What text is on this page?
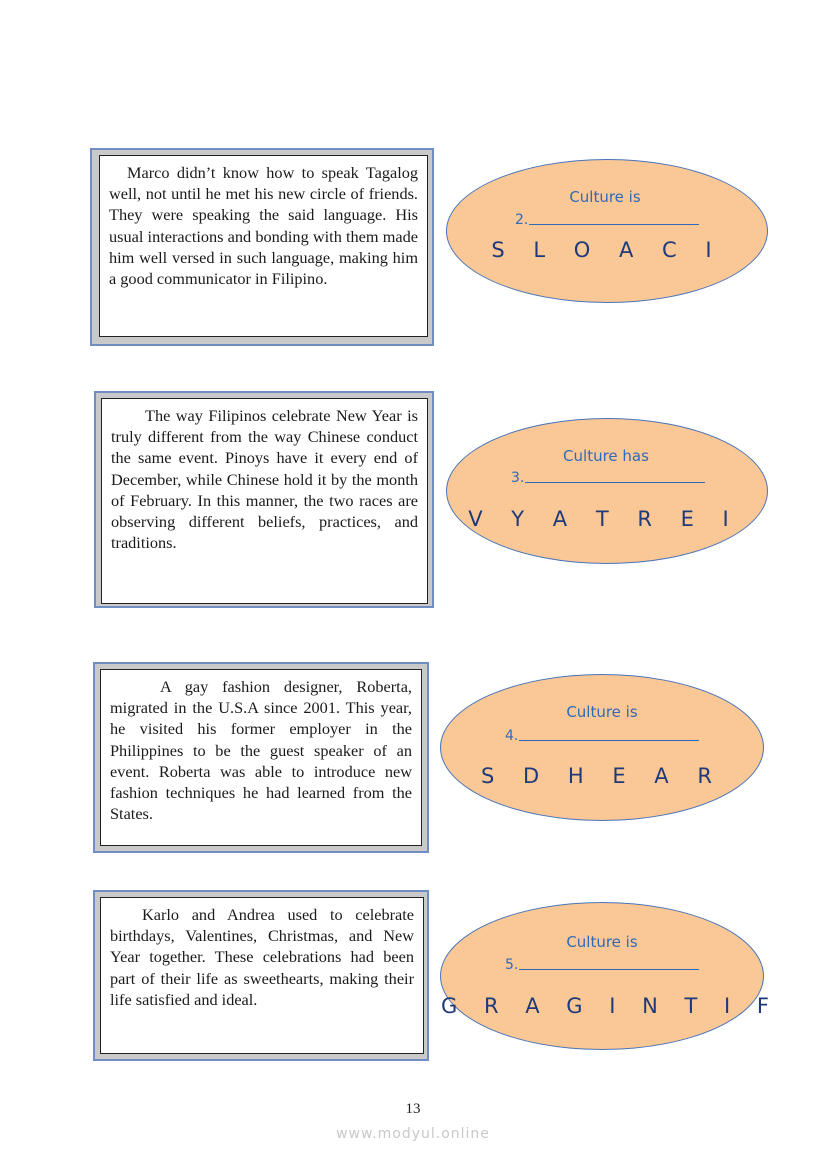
Marco didn’t know how to speak Tagalog well, not until he met his new circle of friends. They were speaking the said language. His usual interactions and bonding with them made him well versed in such language, making him a good communicator in Filipino.

Culture is
2.
S L O A C I

The way Filipinos celebrate New Year is truly different from the way Chinese conduct the same event. Pinoys have it every end of December, while Chinese hold it by the month of February. In this manner, the two races are observing different beliefs, practices, and traditions.

Culture has
3.
V Y A T R E I

A gay fashion designer, Roberta, migrated in the U.S.A since 2001. This year, he visited his former employer in the Philippines to be the guest speaker of an event. Roberta was able to introduce new fashion techniques he had learned from the States.

Culture is
4.
S D H E A R

Karlo and Andrea used to celebrate birthdays, Valentines, Christmas, and New Year together. These celebrations had been part of their life as sweethearts, making their life satisfied and ideal.

Culture is
5.
G R A G I N T I F
13
www.modyul.online
